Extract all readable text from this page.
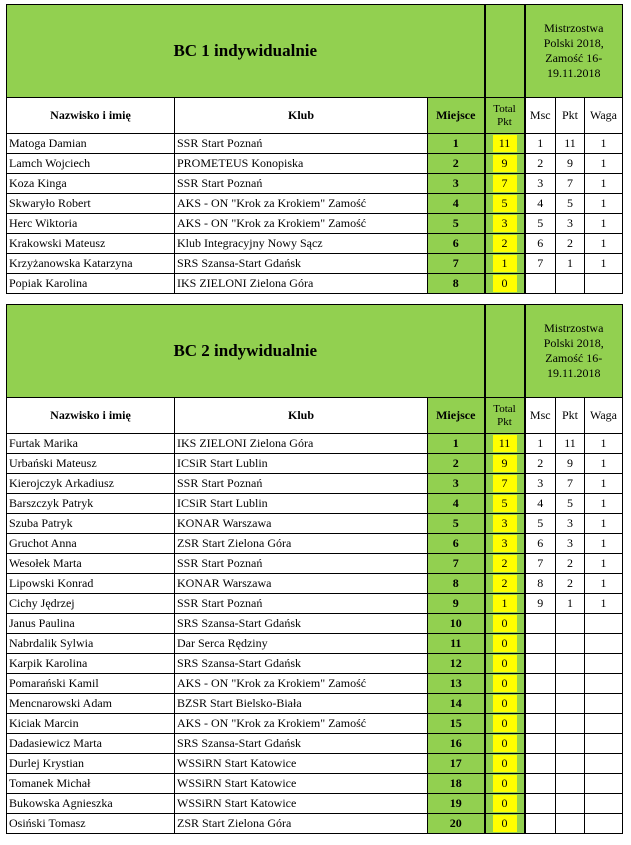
BC 1 indywidualnie				Mistrzostwa
Polski 2018,
Zamość 16-
19.11.2018		

Nazwisko i imię	Klub	Miejsce	Total
Pkt	Msc	Pkt	Waga
Matoga Damian	SSR Start Poznań	1	11	1	11	1
Lamch Wojciech	PROMETEUS Konopiska	2	9	2	9	1
Koza Kinga	SSR Start Poznań	3	7	3	7	1
Skwaryło Robert	AKS - ON "Krok za Krokiem" Zamość	4	5	4	5	1
Herc Wiktoria	AKS - ON "Krok za Krokiem" Zamość	5	3	5	3	1
Krakowski Mateusz	Klub Integracyjny Nowy Sącz	6	2	6	2	1
Krzyżanowska Katarzyna	SRS Szansa-Start Gdańsk	7	1	7	1	1
Popiak Karolina	IKS ZIELONI Zielona Góra	8	0			
BC 2 indywidualnie				Mistrzostwa
Polski 2018,
Zamość 16-
19.11.2018		

Nazwisko i imię	Klub	Miejsce	Total
Pkt	Msc	Pkt	Waga
Furtak Marika	IKS ZIELONI Zielona Góra	1	11	1	11	1
Urbański Mateusz	ICSiR Start Lublin	2	9	2	9	1
Kierojczyk Arkadiusz	SSR Start Poznań	3	7	3	7	1
Barszczyk Patryk	ICSiR Start Lublin	4	5	4	5	1
Szuba Patryk	KONAR Warszawa	5	3	5	3	1
Gruchot Anna	ZSR Start Zielona Góra	6	3	6	3	1
Wesołek Marta	SSR Start Poznań	7	2	7	2	1
Lipowski Konrad	KONAR Warszawa	8	2	8	2	1
Cichy Jędrzej	SSR Start Poznań	9	1	9	1	1
Janus Paulina	SRS Szansa-Start Gdańsk	10	0			
Nabrdalik Sylwia	Dar Serca Rędziny	11	0			
Karpik Karolina	SRS Szansa-Start Gdańsk	12	0			
Pomarański Kamil	AKS - ON "Krok za Krokiem" Zamość	13	0			
Mencnarowski Adam	BZSR Start Bielsko-Biała	14	0			
Kiciak Marcin	AKS - ON "Krok za Krokiem" Zamość	15	0			
Dadasiewicz Marta	SRS Szansa-Start Gdańsk	16	0			
Durlej Krystian	WSSiRN Start Katowice	17	0			
Tomanek Michał	WSSiRN Start Katowice	18	0			
Bukowska Agnieszka	WSSiRN Start Katowice	19	0			
Osiński Tomasz	ZSR Start Zielona Góra	20	0			
